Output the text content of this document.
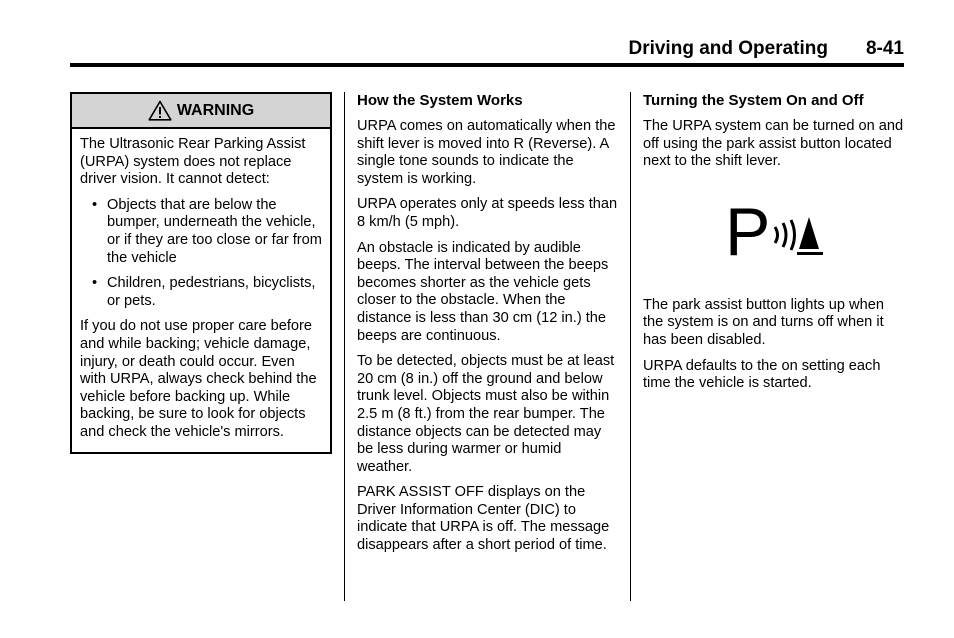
Driving and Operating 8-41
WARNING

The Ultrasonic Rear Parking Assist (URPA) system does not replace driver vision. It cannot detect:

• Objects that are below the bumper, underneath the vehicle, or if they are too close or far from the vehicle
• Children, pedestrians, bicyclists, or pets.

If you do not use proper care before and while backing; vehicle damage, injury, or death could occur. Even with URPA, always check behind the vehicle before backing up. While backing, be sure to look for objects and check the vehicle's mirrors.

How the System Works

URPA comes on automatically when the shift lever is moved into R (Reverse). A single tone sounds to indicate the system is working.

URPA operates only at speeds less than 8 km/h (5 mph).

An obstacle is indicated by audible beeps. The interval between the beeps becomes shorter as the vehicle gets closer to the obstacle. When the distance is less than 30 cm (12 in.) the beeps are continuous.

To be detected, objects must be at least 20 cm (8 in.) off the ground and below trunk level. Objects must also be within 2.5 m (8 ft.) from the rear bumper. The distance objects can be detected may be less during warmer or humid weather.

PARK ASSIST OFF displays on the Driver Information Center (DIC) to indicate that URPA is off. The message disappears after a short period of time.

Turning the System On and Off

The URPA system can be turned on and off using the park assist button located next to the shift lever.

P

The park assist button lights up when the system is on and turns off when it has been disabled.

URPA defaults to the on setting each time the vehicle is started.
